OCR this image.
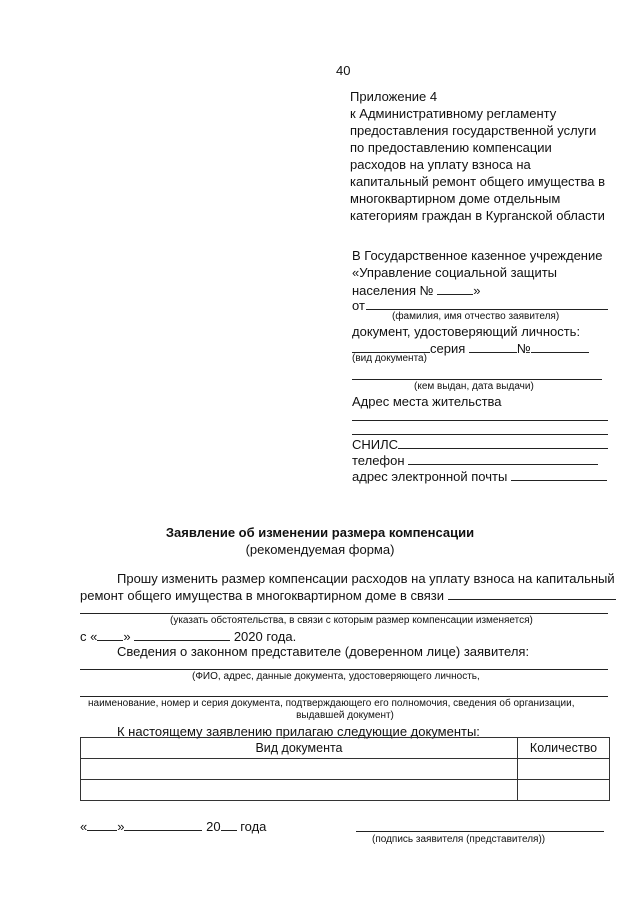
40
Приложение 4
к Административному регламенту
предоставления государственной услуги
по предоставлению компенсации
расходов на уплату взноса на
капитальный ремонт общего имущества в
многоквартирном доме отдельным
категориям граждан в Курганской области
В Государственное казенное учреждение
«Управление социальной защиты
населения №	»
от
(фамилия, имя отчество заявителя)
документ, удостоверяющий личность:
серия	№
(вид документа)
(кем выдан, дата выдачи)
Адрес места жительства
СНИЛС
телефон
адрес электронной почты
Заявление об изменении размера компенсации
(рекомендуемая форма)
Прошу изменить размер компенсации расходов на уплату взноса на капитальный
ремонт общего имущества в многоквартирном доме в связи
(указать обстоятельства, в связи с которым размер компенсации изменяется)
с « »	2020 года.
Сведения о законном представителе (доверенном лице) заявителя:
(ФИО, адрес, данные документа, удостоверяющего личность,
наименование, номер и серия документа, подтверждающего его полномочия, сведения об организации,
выдавшей документ)
К настоящему заявлению прилагаю следующие документы:
Вид документа	Количество

« »	20 года
(подпись заявителя (представителя))
